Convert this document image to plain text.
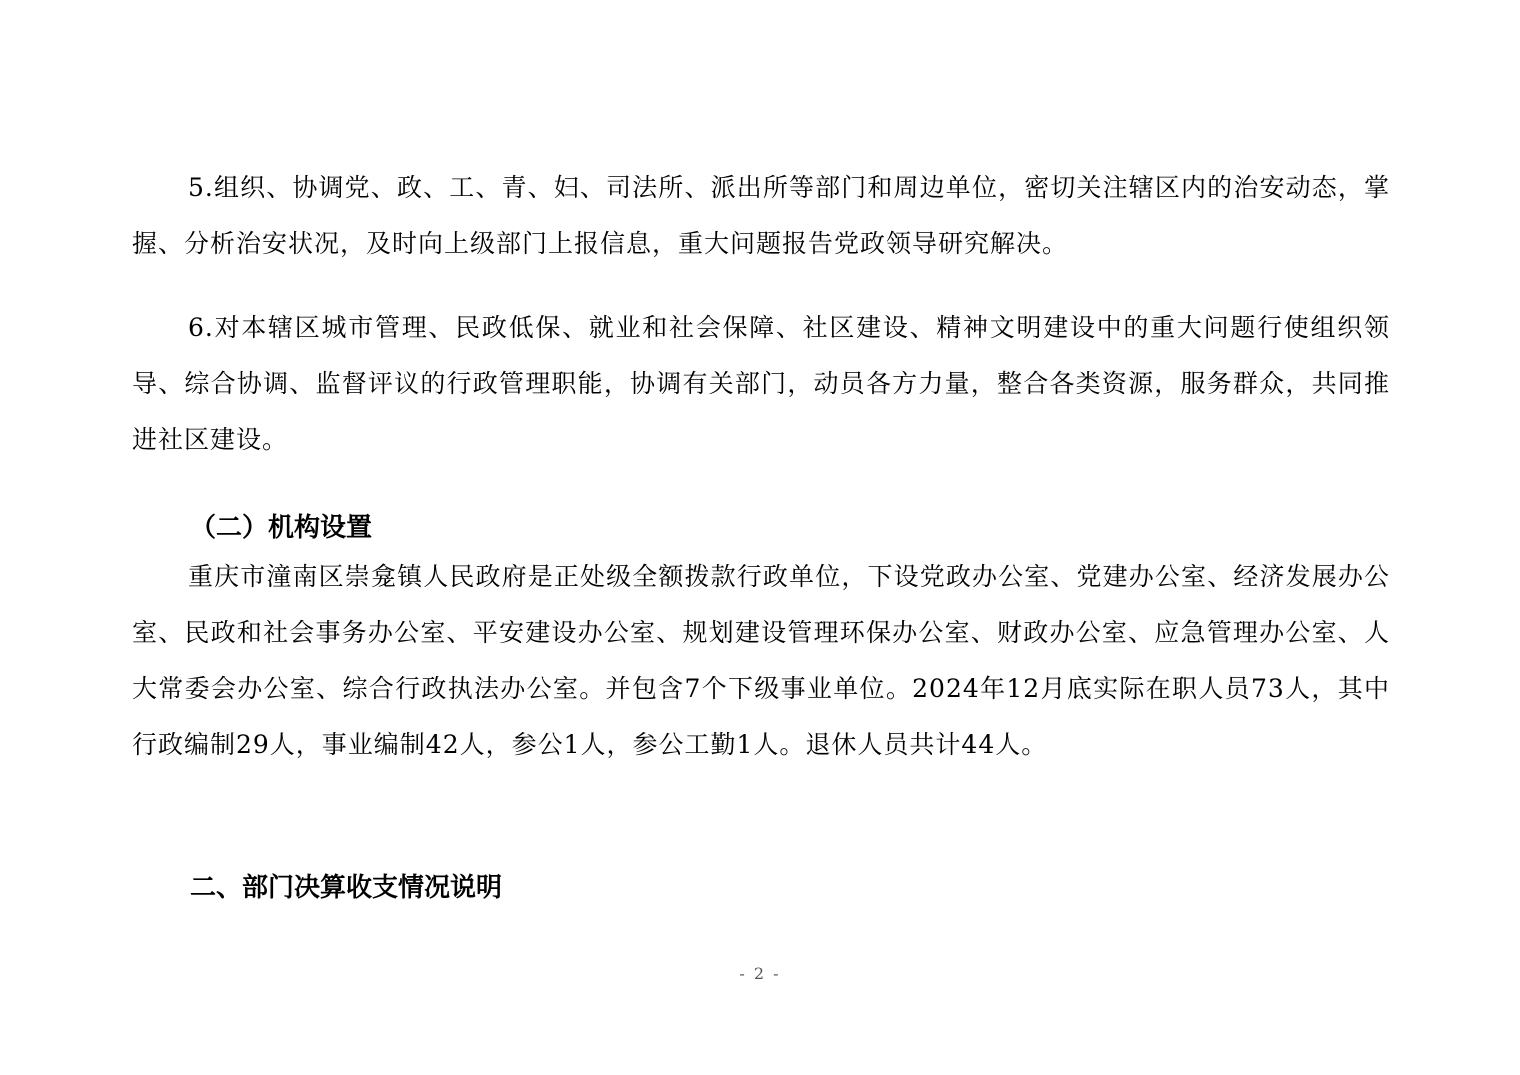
5.组织、协调党、政、工、青、妇、司法所、派出所等部门和周边单位，密切关注辖区内的治安动态，掌握、分析治安状况，及时向上级部门上报信息，重大问题报告党政领导研究解决。

6.对本辖区城市管理、民政低保、就业和社会保障、社区建设、精神文明建设中的重大问题行使组织领导、综合协调、监督评议的行政管理职能，协调有关部门，动员各方力量，整合各类资源，服务群众，共同推进社区建设。

（二）机构设置

重庆市潼南区崇龛镇人民政府是正处级全额拨款行政单位，下设党政办公室、党建办公室、经济发展办公室、民政和社会事务办公室、平安建设办公室、规划建设管理环保办公室、财政办公室、应急管理办公室、人大常委会办公室、综合行政执法办公室。并包含7个下级事业单位。2024年12月底实际在职人员73人，其中行政编制29人，事业编制42人，参公1人，参公工勤1人。退休人员共计44人。

二、部门决算收支情况说明
- 2 -
